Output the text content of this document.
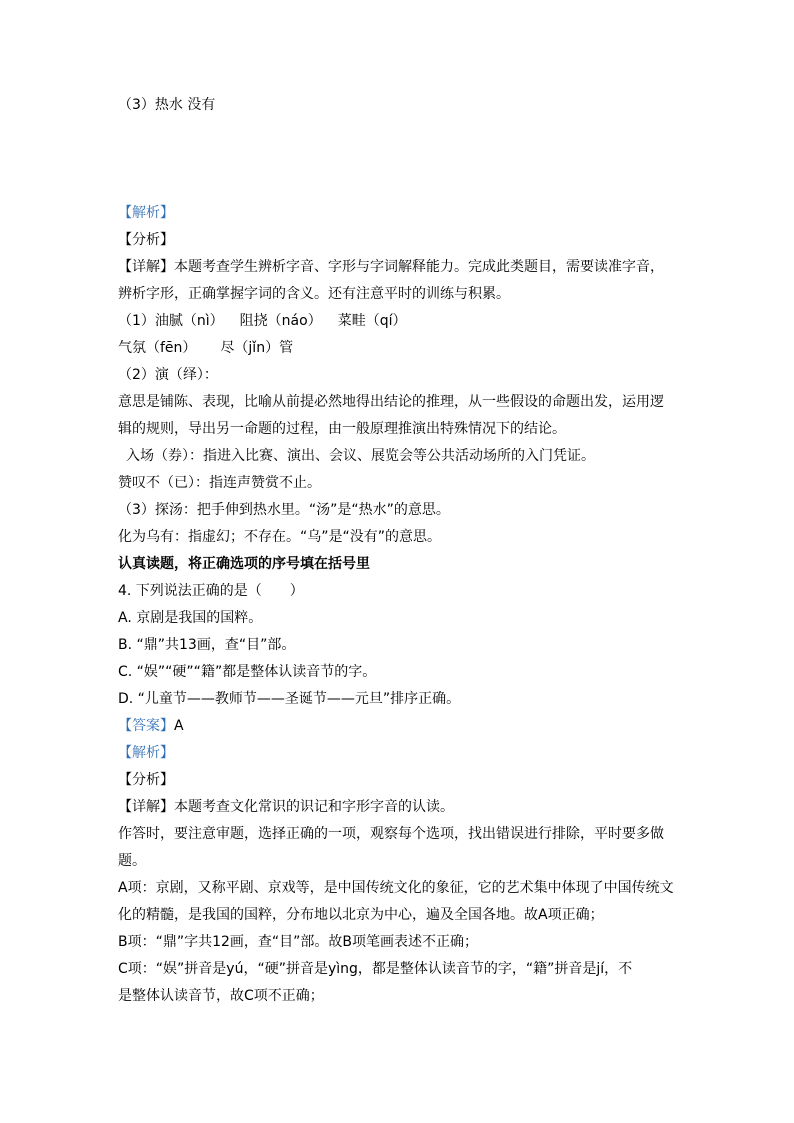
（3）热水 没有
【解析】
【分析】
【详解】本题考查学生辨析字音、字形与字词解释能力。完成此类题目，需要读准字音，
辨析字形，正确掌握字词的含义。还有注意平时的训练与积累。
（1）油腻（nì） 阻挠（náo） 菜畦（qí）
气氛（fēn） 尽（jǐn）管
（2）演（绎）：
意思是铺陈、表现，比喻从前提必然地得出结论的推理，从一些假设的命题出发，运用逻
辑的规则，导出另一命题的过程，由一般原理推演出特殊情况下的结论。
入场（券）：指进入比赛、演出、会议、展览会等公共活动场所的入门凭证。
赞叹不（已）：指连声赞赏不止。
（3）探汤：把手伸到热水里。“汤”是“热水”的意思。
化为乌有：指虚幻；不存在。“乌”是“没有”的意思。
认真读题，将正确选项的序号填在括号里
4. 下列说法正确的是（　　）
A. 京剧是我国的国粹。
B. “鼎”共13画，查“目”部。
C. “娱”“硬”“籍”都是整体认读音节的字。
D. “儿童节——教师节——圣诞节——元旦”排序正确。
【答案】A
【解析】
【分析】
【详解】本题考查文化常识的识记和字形字音的认读。
作答时，要注意审题，选择正确的一项，观察每个选项，找出错误进行排除，平时要多做
题。
A项：京剧，又称平剧、京戏等，是中国传统文化的象征，它的艺术集中体现了中国传统文
化的精髓，是我国的国粹，分布地以北京为中心，遍及全国各地。故A项正确；
B项：“鼎”字共12画，查“目”部。故B项笔画表述不正确；
C项：“娱”拼音是yú，“硬”拼音是yìng，都是整体认读音节的字，“籍”拼音是jí，不
是整体认读音节，故C项不正确；
